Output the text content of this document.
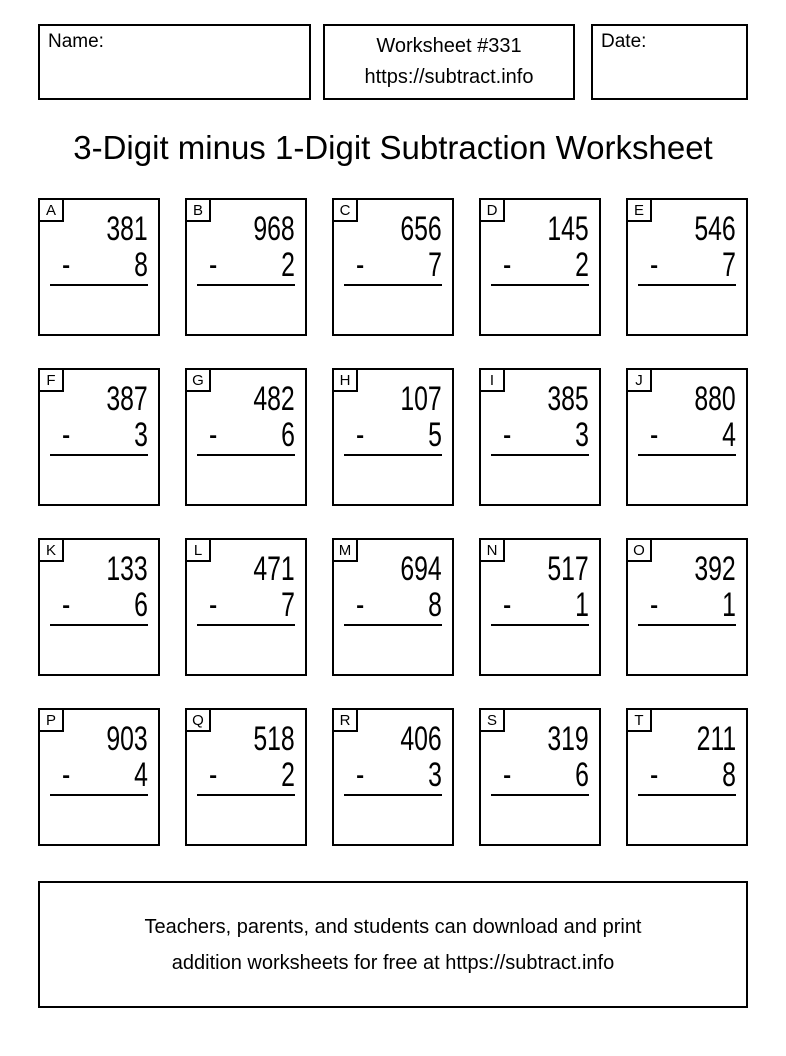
Name:	Worksheet #331
https://subtract.info
Date:
3-Digit minus 1-Digit Subtraction Worksheet
A 381
- 8
B 968
- 2
C 656
- 7
D 145
- 2
E 546
- 7
F 387
- 3
G 482
- 6
H 107
- 5
I 385
- 3
J 880
- 4
K 133
- 6
L 471
- 7
M 694
- 8
N 517
- 1
O 392
- 1
P 903
- 4
Q 518
- 2
R 406
- 3
S 319
- 6
T 211
- 8
Teachers, parents, and students can download and print
addition worksheets for free at https://subtract.info
